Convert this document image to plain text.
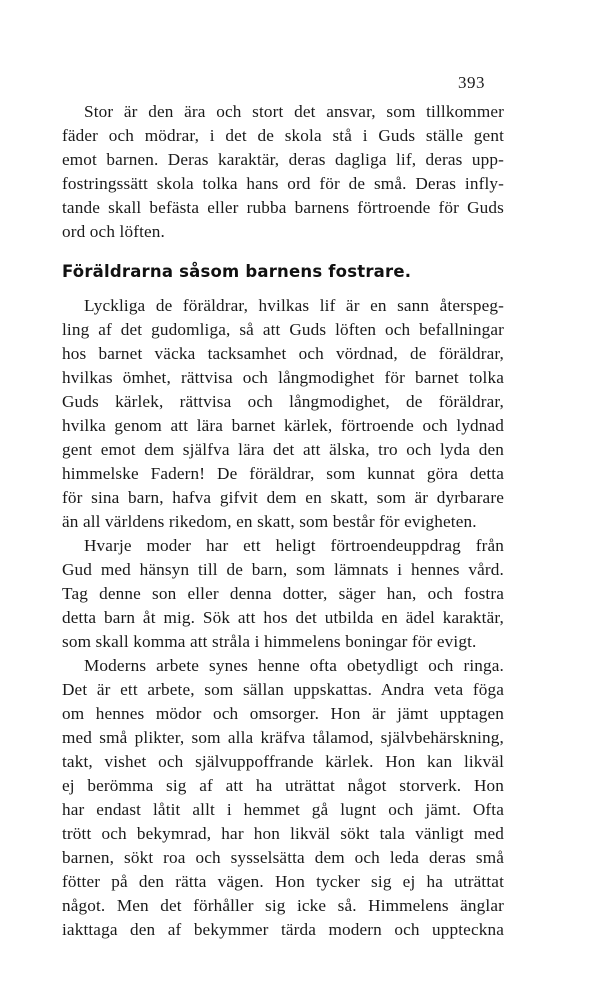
393
Stor är den ära och stort det ansvar, som tillkommer
fäder och mödrar, i det de skola stå i Guds ställe gent
emot barnen. Deras karaktär, deras dagliga lif, deras upp-
fostringssätt skola tolka hans ord för de små. Deras infly-
tande skall befästa eller rubba barnens förtroende för Guds
ord och löften.
Föräldrarna såsom barnens fostrare.
Lyckliga de föräldrar, hvilkas lif är en sann återspeg-
ling af det gudomliga, så att Guds löften och befallningar
hos barnet väcka tacksamhet och vördnad, de föräldrar,
hvilkas ömhet, rättvisa och långmodighet för barnet tolka
Guds kärlek, rättvisa och långmodighet, de föräldrar,
hvilka genom att lära barnet kärlek, förtroende och lydnad
gent emot dem själfva lära det att älska, tro och lyda den
himmelske Fadern! De föräldrar, som kunnat göra detta
för sina barn, hafva gifvit dem en skatt, som är dyrbarare
än all världens rikedom, en skatt, som består för evigheten.
Hvarje moder har ett heligt förtroendeuppdrag från
Gud med hänsyn till de barn, som lämnats i hennes vård.
Tag denne son eller denna dotter, säger han, och fostra
detta barn åt mig. Sök att hos det utbilda en ädel karaktär,
som skall komma att stråla i himmelens boningar för evigt.
Moderns arbete synes henne ofta obetydligt och ringa.
Det är ett arbete, som sällan uppskattas. Andra veta föga
om hennes mödor och omsorger. Hon är jämt upptagen
med små plikter, som alla kräfva tålamod, självbehärskning,
takt, vishet och självuppoffrande kärlek. Hon kan likväl
ej berömma sig af att ha uträttat något storverk. Hon
har endast låtit allt i hemmet gå lugnt och jämt. Ofta
trött och bekymrad, har hon likväl sökt tala vänligt med
barnen, sökt roa och sysselsätta dem och leda deras små
fötter på den rätta vägen. Hon tycker sig ej ha uträttat
något. Men det förhåller sig icke så. Himmelens änglar
iakttaga den af bekymmer tärda modern och uppteckna
